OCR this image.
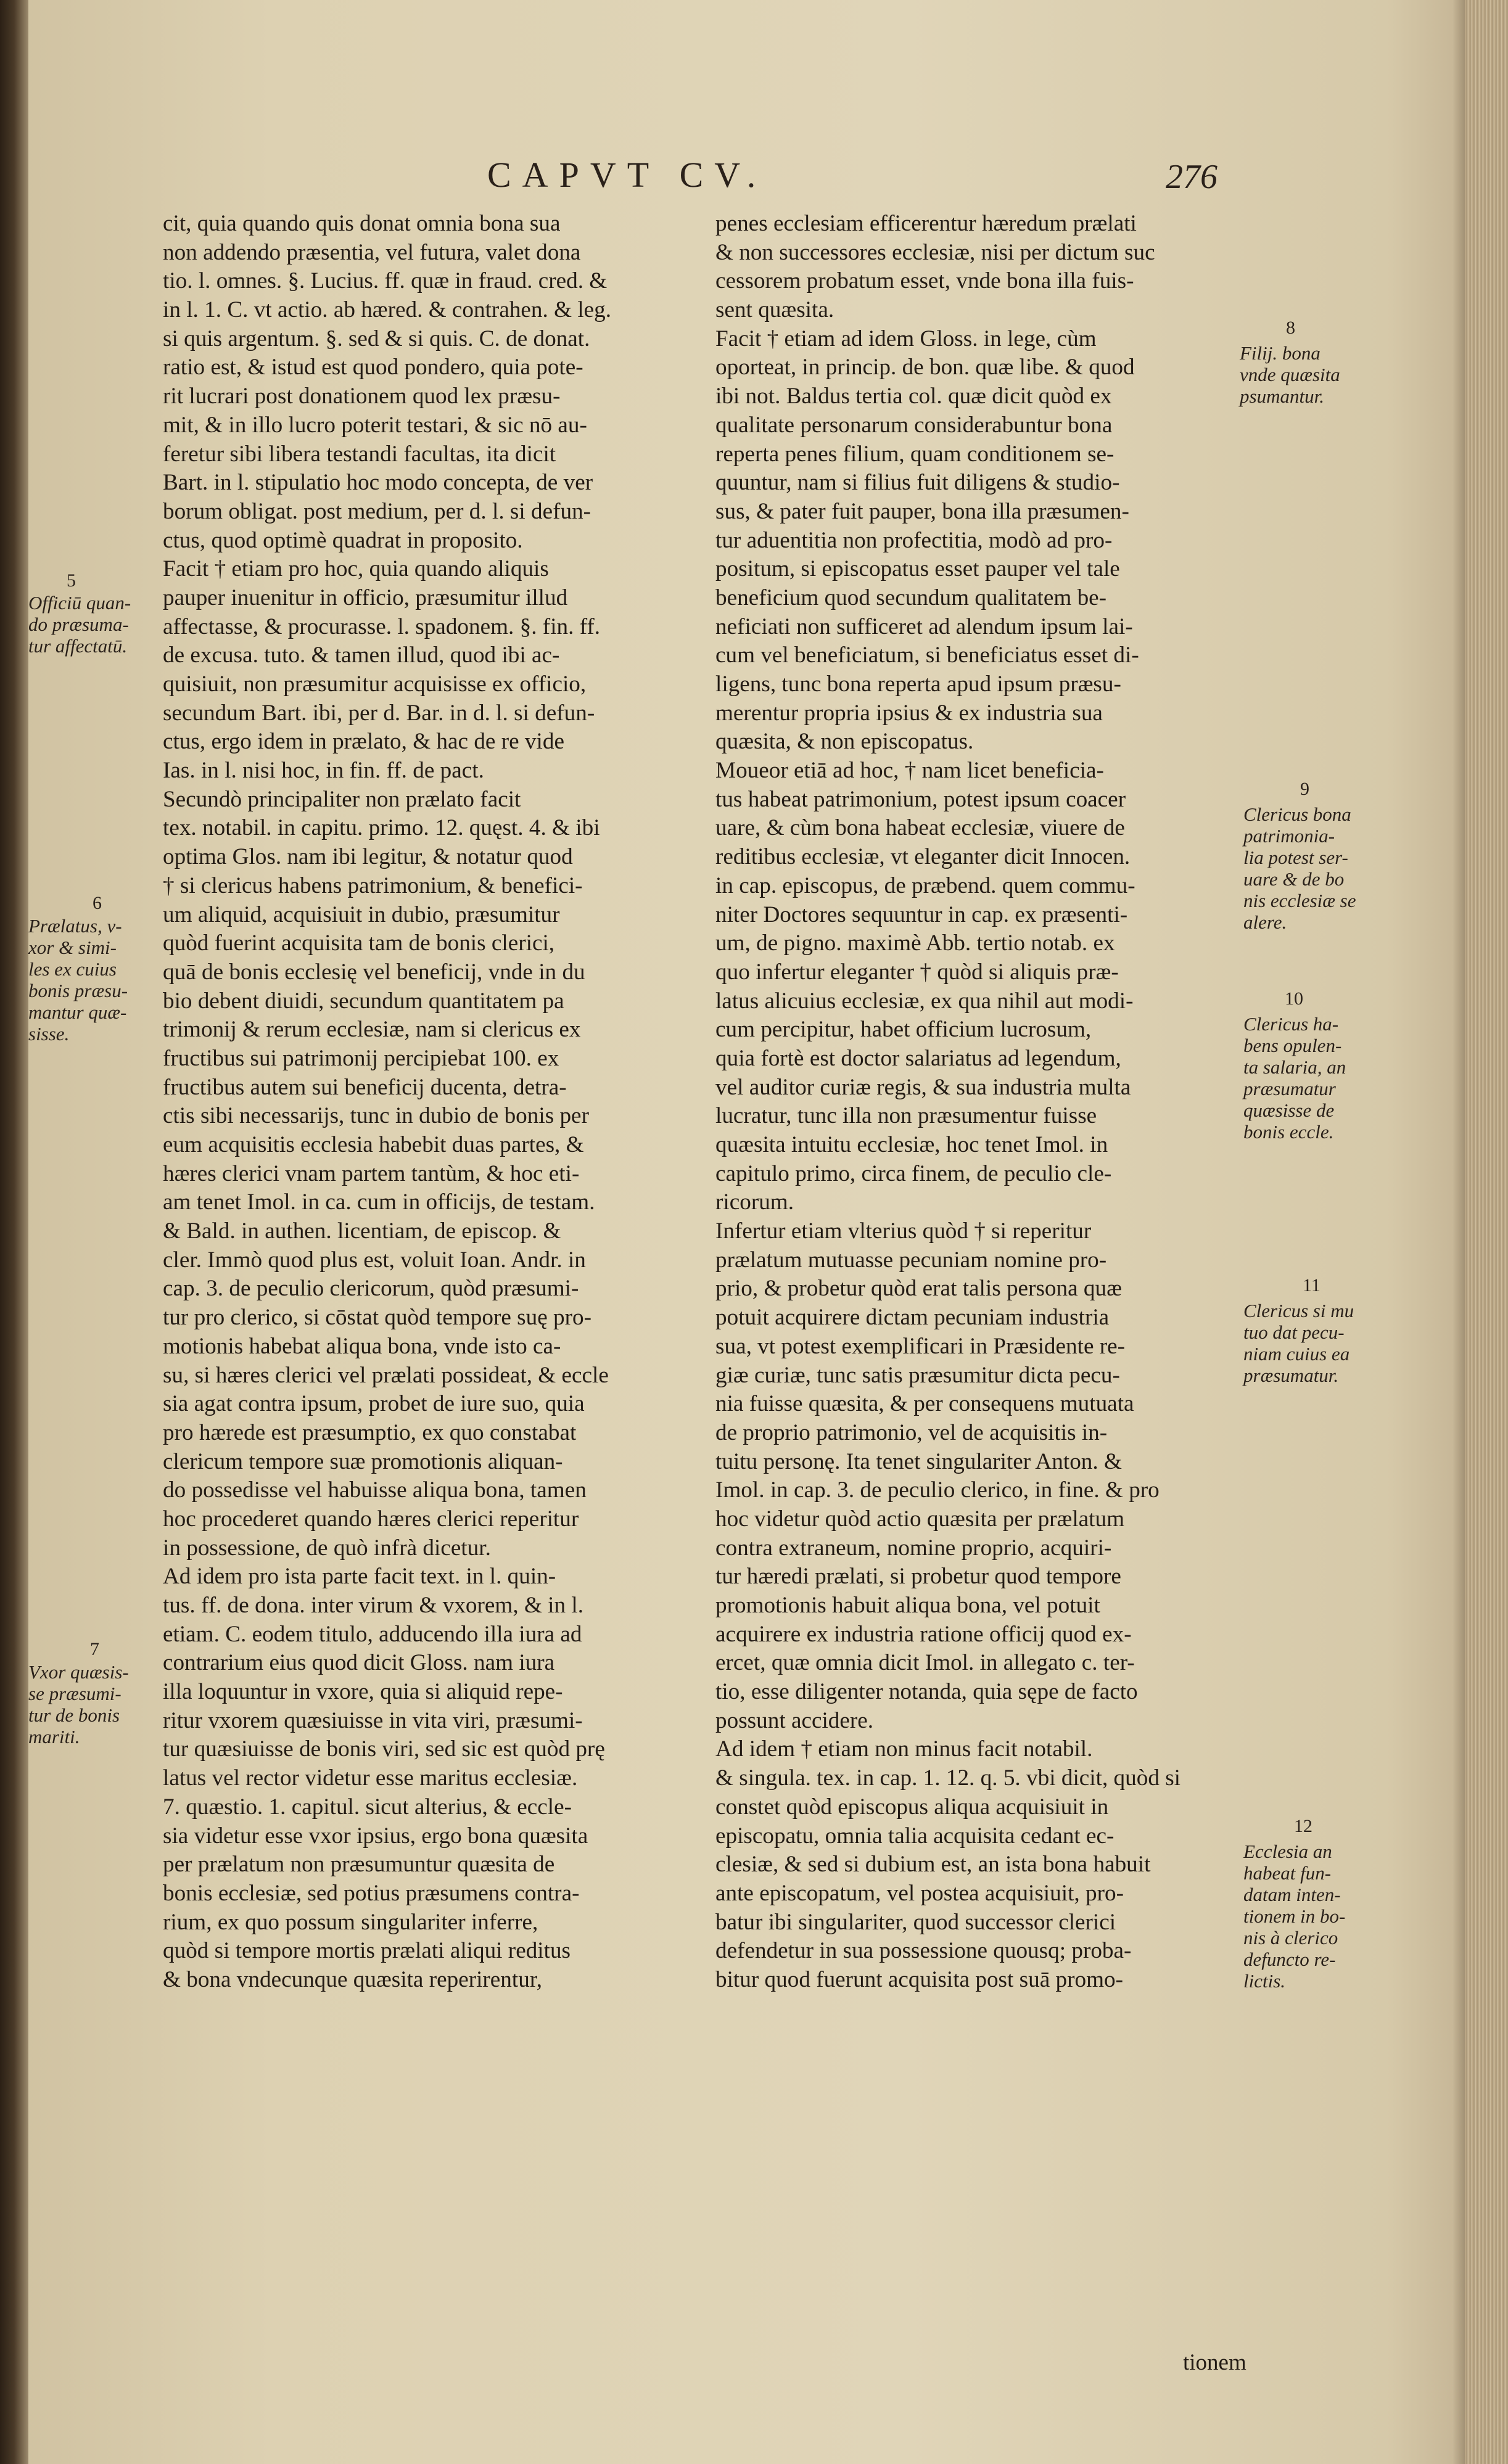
CAPVT CV.	276
cit, quia quando quis donat omnia bona sua
non addendo præsentia, vel futura, valet dona
tio. l. omnes. §. Lucius. ff. quæ in fraud. cred. &
in l. 1. C. vt actio. ab hæred. & contrahen. & leg.
si quis argentum. §. sed & si quis. C. de donat.
ratio est, & istud est quod pondero, quia pote-
rit lucrari post donationem quod lex præsu-
mit, & in illo lucro poterit testari, & sic nō au-
feretur sibi libera testandi facultas, ita dicit
Bart. in l. stipulatio hoc modo concepta, de ver
borum obligat. post medium, per d. l. si defun-
ctus, quod optimè quadrat in proposito.
Facit † etiam pro hoc, quia quando aliquis
pauper inuenitur in officio, præsumitur illud
affectasse, & procurasse. l. spadonem. §. fin. ff.
de excusa. tuto. & tamen illud, quod ibi ac-
quisiuit, non præsumitur acquisisse ex officio,
secundum Bart. ibi, per d. Bar. in d. l. si defun-
ctus, ergo idem in prælato, & hac de re vide
Ias. in l. nisi hoc, in fin. ff. de pact.
Secundò principaliter non prælato facit
tex. notabil. in capitu. primo. 12. quęst. 4. & ibi
optima Glos. nam ibi legitur, & notatur quod
† si clericus habens patrimonium, & benefici-
um aliquid, acquisiuit in dubio, præsumitur
quòd fuerint acquisita tam de bonis clerici,
quā de bonis ecclesię vel beneficij, vnde in du
bio debent diuidi, secundum quantitatem pa
trimonij & rerum ecclesiæ, nam si clericus ex
fructibus sui patrimonij percipiebat 100. ex
fructibus autem sui beneficij ducenta, detra-
ctis sibi necessarijs, tunc in dubio de bonis per
eum acquisitis ecclesia habebit duas partes, &
hæres clerici vnam partem tantùm, & hoc eti-
am tenet Imol. in ca. cum in officijs, de testam.
& Bald. in authen. licentiam, de episcop. &
cler. Immò quod plus est, voluit Ioan. Andr. in
cap. 3. de peculio clericorum, quòd præsumi-
tur pro clerico, si cōstat quòd tempore suę pro-
motionis habebat aliqua bona, vnde isto ca-
su, si hæres clerici vel prælati possideat, & eccle
sia agat contra ipsum, probet de iure suo, quia
pro hærede est præsumptio, ex quo constabat
clericum tempore suæ promotionis aliquan-
do possedisse vel habuisse aliqua bona, tamen
hoc procederet quando hæres clerici reperitur
in possessione, de quò infrà dicetur.
Ad idem pro ista parte facit text. in l. quin-
tus. ff. de dona. inter virum & vxorem, & in l.
etiam. C. eodem titulo, adducendo illa iura ad
contrarium eius quod dicit Gloss. nam iura
illa loquuntur in vxore, quia si aliquid repe-
ritur vxorem quæsiuisse in vita viri, præsumi-
tur quæsiuisse de bonis viri, sed sic est quòd prę
latus vel rector videtur esse maritus ecclesiæ.
7. quæstio. 1. capitul. sicut alterius, & eccle-
sia videtur esse vxor ipsius, ergo bona quæsita
per prælatum non præsumuntur quæsita de
bonis ecclesiæ, sed potius præsumens contra-
rium, ex quo possum singulariter inferre,
quòd si tempore mortis prælati aliqui reditus
& bona vndecunque quæsita reperirentur,
penes ecclesiam efficerentur hæredum prælati
& non successores ecclesiæ, nisi per dictum suc
cessorem probatum esset, vnde bona illa fuis-
sent quæsita.
Facit † etiam ad idem Gloss. in lege, cùm
oporteat, in princip. de bon. quæ libe. & quod
ibi not. Baldus tertia col. quæ dicit quòd ex
qualitate personarum considerabuntur bona
reperta penes filium, quam conditionem se-
quuntur, nam si filius fuit diligens & studio-
sus, & pater fuit pauper, bona illa præsumen-
tur aduentitia non profectitia, modò ad pro-
positum, si episcopatus esset pauper vel tale
beneficium quod secundum qualitatem be-
neficiati non sufficeret ad alendum ipsum lai-
cum vel beneficiatum, si beneficiatus esset di-
ligens, tunc bona reperta apud ipsum præsu-
merentur propria ipsius & ex industria sua
quæsita, & non episcopatus.
Moueor etiā ad hoc, † nam licet beneficia-
tus habeat patrimonium, potest ipsum coacer
uare, & cùm bona habeat ecclesiæ, viuere de
reditibus ecclesiæ, vt eleganter dicit Innocen.
in cap. episcopus, de præbend. quem commu-
niter Doctores sequuntur in cap. ex præsenti-
um, de pigno. maximè Abb. tertio notab. ex
quo infertur eleganter † quòd si aliquis præ-
latus alicuius ecclesiæ, ex qua nihil aut modi-
cum percipitur, habet officium lucrosum,
quia fortè est doctor salariatus ad legendum,
vel auditor curiæ regis, & sua industria multa
lucratur, tunc illa non præsumentur fuisse
quæsita intuitu ecclesiæ, hoc tenet Imol. in
capitulo primo, circa finem, de peculio cle-
ricorum.
Infertur etiam vlterius quòd † si reperitur
prælatum mutuasse pecuniam nomine pro-
prio, & probetur quòd erat talis persona quæ
potuit acquirere dictam pecuniam industria
sua, vt potest exemplificari in Præsidente re-
giæ curiæ, tunc satis præsumitur dicta pecu-
nia fuisse quæsita, & per consequens mutuata
de proprio patrimonio, vel de acquisitis in-
tuitu personę. Ita tenet singulariter Anton. &
Imol. in cap. 3. de peculio clerico, in fine. & pro
hoc videtur quòd actio quæsita per prælatum
contra extraneum, nomine proprio, acquiri-
tur hæredi prælati, si probetur quod tempore
promotionis habuit aliqua bona, vel potuit
acquirere ex industria ratione officij quod ex-
ercet, quæ omnia dicit Imol. in allegato c. ter-
tio, esse diligenter notanda, quia sępe de facto
possunt accidere.
Ad idem † etiam non minus facit notabil.
& singula. tex. in cap. 1. 12. q. 5. vbi dicit, quòd si
constet quòd episcopus aliqua acquisiuit in
episcopatu, omnia talia acquisita cedant ec-
clesiæ, & sed si dubium est, an ista bona habuit
ante episcopatum, vel postea acquisiuit, pro-
batur ibi singulariter, quod successor clerici
defendetur in sua possessione quousq; proba-
bitur quod fuerunt acquisita post suā promo-
5
Officiū quan-
do præsuma-
tur affectatū.
6
Prælatus, v-
xor & simi-
les ex cuius
bonis præsu-
mantur quæ-
sisse.
7
Vxor quæsis-
se præsumi-
tur de bonis
mariti.
8
Filij. bona
vnde quæsita
psumantur.
9
Clericus bona
patrimonia-
lia potest ser-
uare & de bo
nis ecclesiæ se
alere.
10
Clericus ha-
bens opulen-
ta salaria, an
præsumatur
quæsisse de
bonis eccle.
11
Clericus si mu
tuo dat pecu-
niam cuius ea
præsumatur.
12
Ecclesia an
habeat fun-
datam inten-
tionem in bo-
nis à clerico
defuncto re-
lictis.
tionem
